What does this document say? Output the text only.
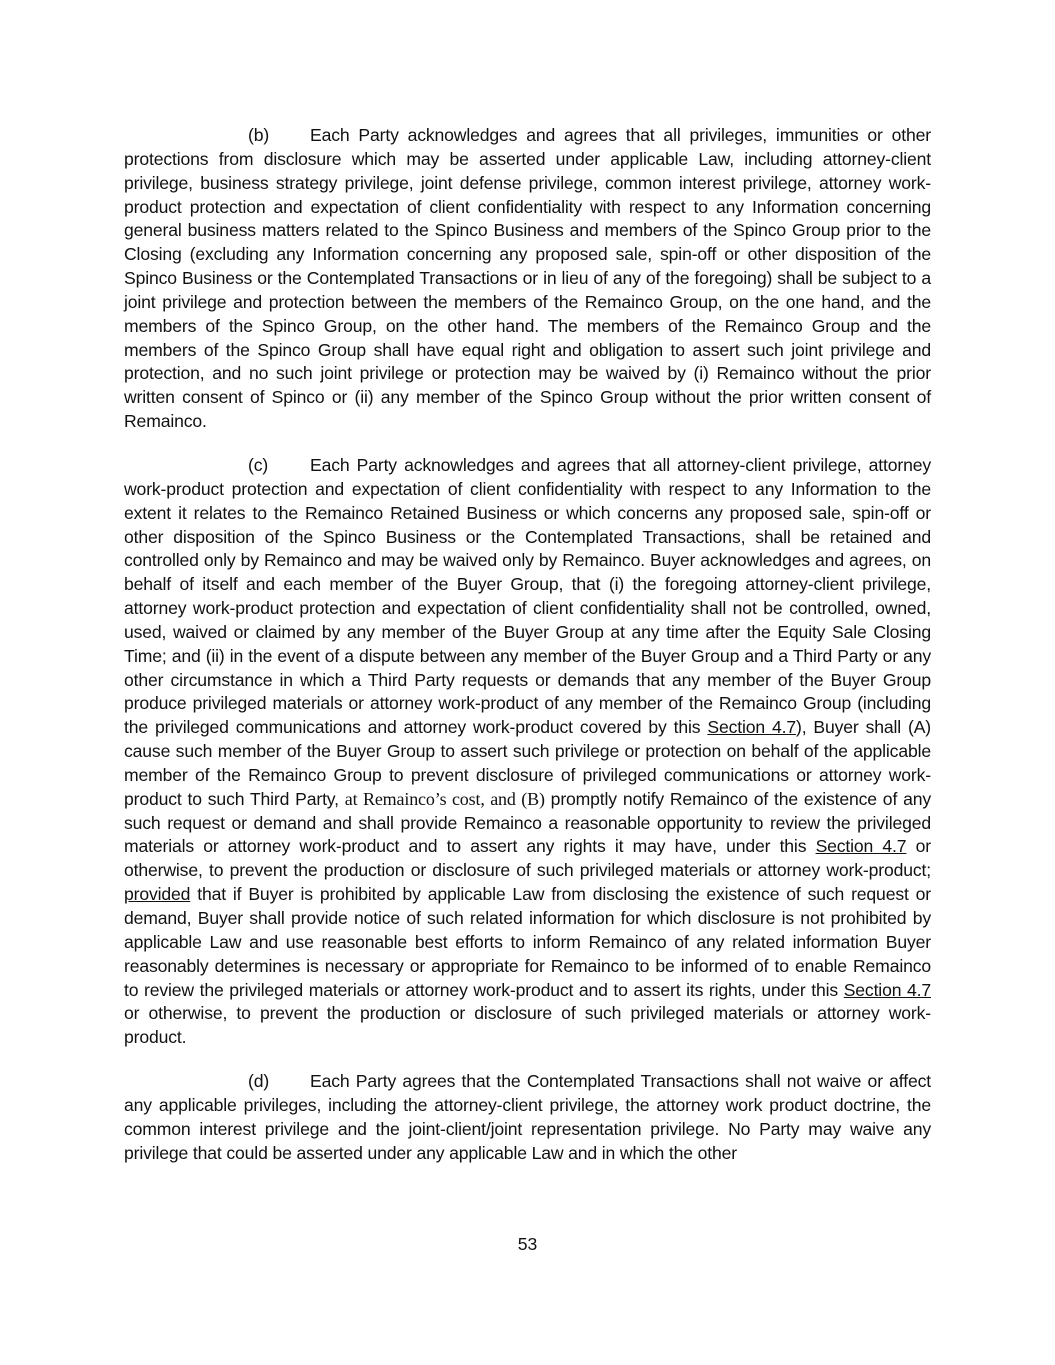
(b) Each Party acknowledges and agrees that all privileges, immunities or other protections from disclosure which may be asserted under applicable Law, including attorney-client privilege, business strategy privilege, joint defense privilege, common interest privilege, attorney work-product protection and expectation of client confidentiality with respect to any Information concerning general business matters related to the Spinco Business and members of the Spinco Group prior to the Closing (excluding any Information concerning any proposed sale, spin-off or other disposition of the Spinco Business or the Contemplated Transactions or in lieu of any of the foregoing) shall be subject to a joint privilege and protection between the members of the Remainco Group, on the one hand, and the members of the Spinco Group, on the other hand. The members of the Remainco Group and the members of the Spinco Group shall have equal right and obligation to assert such joint privilege and protection, and no such joint privilege or protection may be waived by (i) Remainco without the prior written consent of Spinco or (ii) any member of the Spinco Group without the prior written consent of Remainco.

(c) Each Party acknowledges and agrees that all attorney-client privilege, attorney work-product protection and expectation of client confidentiality with respect to any Information to the extent it relates to the Remainco Retained Business or which concerns any proposed sale, spin-off or other disposition of the Spinco Business or the Contemplated Transactions, shall be retained and controlled only by Remainco and may be waived only by Remainco. Buyer acknowledges and agrees, on behalf of itself and each member of the Buyer Group, that (i) the foregoing attorney-client privilege, attorney work-product protection and expectation of client confidentiality shall not be controlled, owned, used, waived or claimed by any member of the Buyer Group at any time after the Equity Sale Closing Time; and (ii) in the event of a dispute between any member of the Buyer Group and a Third Party or any other circumstance in which a Third Party requests or demands that any member of the Buyer Group produce privileged materials or attorney work-product of any member of the Remainco Group (including the privileged communications and attorney work-product covered by this Section 4.7), Buyer shall (A) cause such member of the Buyer Group to assert such privilege or protection on behalf of the applicable member of the Remainco Group to prevent disclosure of privileged communications or attorney work-product to such Third Party, at Remainco’s cost, and (B) promptly notify Remainco of the existence of any such request or demand and shall provide Remainco a reasonable opportunity to review the privileged materials or attorney work-product and to assert any rights it may have, under this Section 4.7 or otherwise, to prevent the production or disclosure of such privileged materials or attorney work-product; provided that if Buyer is prohibited by applicable Law from disclosing the existence of such request or demand, Buyer shall provide notice of such related information for which disclosure is not prohibited by applicable Law and use reasonable best efforts to inform Remainco of any related information Buyer reasonably determines is necessary or appropriate for Remainco to be informed of to enable Remainco to review the privileged materials or attorney work-product and to assert its rights, under this Section 4.7 or otherwise, to prevent the production or disclosure of such privileged materials or attorney work-product.

(d) Each Party agrees that the Contemplated Transactions shall not waive or affect any applicable privileges, including the attorney-client privilege, the attorney work product doctrine, the common interest privilege and the joint-client/joint representation privilege. No Party may waive any privilege that could be asserted under any applicable Law and in which the other

53
